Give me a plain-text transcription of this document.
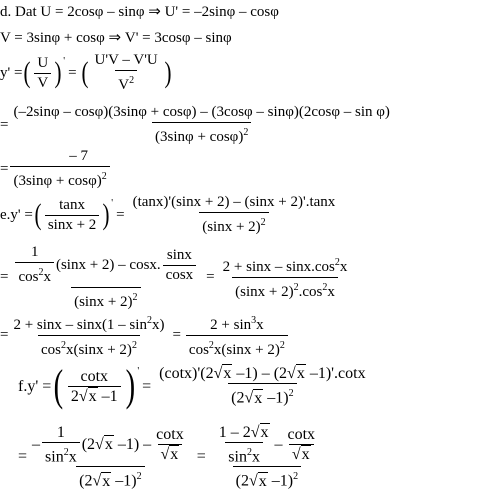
d. Dat U = 2cosφ – sinφ ⇒ U' = –2sinφ – cosφ
V = 3sinφ + cosφ ⇒ V' = 3cosφ – sinφ
y' = ( $\frac{U}{V} )'$
= ( $\frac{U'V - V'U}{V^2}$ )
=
(–2sinφ – cosφ)(3sinφ + cosφ) – (3cosφ – sinφ)(2cosφ – sin φ)
$(3\sin\varphi + \cos\varphi)^2$
= $\frac{- 7}{(3\sin\varphi + \cos\varphi)^2}$
e.y' = ( $\frac{\tan x}{\sin x + 2} )'$
= $\frac{(\tan x)'(\sin x + 2) - (\sin x + 2)'.\tan x}{(\sin x + 2)^2}$
= $\frac{\frac{1}{\cos^2x} (\sin x + 2) - \cos x. \frac{\sin x}{\cos x}}{(\sin x + 2)^2} = \frac{2 + \sin x - \sin x.\cos^2x}{(\sin x + 2)^2.\cos^2x}$
= $\frac{2 + \sin x - \sin x(1 - \sin^2x)}{\cos^2x(\sin x + 2)^2} = \frac{2 + \sin^3x}{\cos^2x(\sin x + 2)^2}$
f.y' = ( $\frac{\cot x}{2√x -1}$ ) '
= $\frac{(\cot x)'(2√x -1) - (2√x -1)'.\cot x}{(2√x -1)^2}$
= $\frac{- \frac{1}{\sin^2x} (2√x -1) - \frac{\cot x}{√x}}{(2√x -1)^2} = \frac{\frac{1 - 2√x}{\sin^2x} - \frac{\cot x}{√x}}{(2√x -1)^2}$
